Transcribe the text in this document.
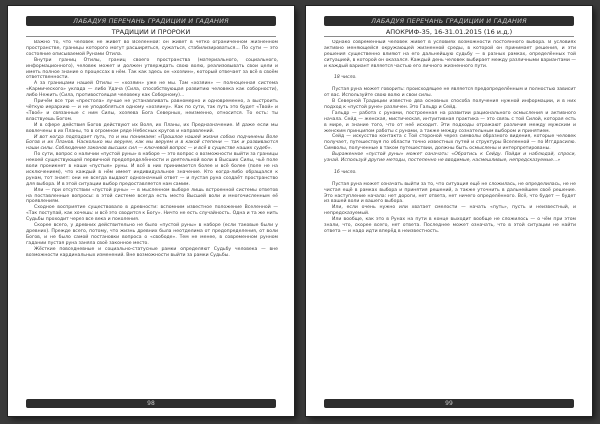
ЛАБАДУЯ ПЕРЕЧАНЬ ГРАДИЦИИ И ГАДАНИЯ
ТРАДИЦИИ И ПРОРОКИ

Важно то, что человек не живёт во Вселенной: он живёт в чётко ограниченном жизненном пространстве, границы которого могут расширяться, сужаться, стабилизироваться... По сути — это состояние описываемой Рунами Отила.

Внутри границ Отилы, границ своего пространства (материального, социального, информационного), человек может и должен утверждать свою волю, реализовывать свои цели и иметь полное знание о процессах в нём. Так как здесь он «хозяин», который отвечает за всё в своём ответственности.

А за границами нашей Отилы — «хозяин» уже не мы. Там «хозяин» — полноценная система «Кармического» уклада — либо Удача (Сила, способствующая развитию человека как соборности), либо Нежить (Сила, противостоящая человеку как Соборному)...

Причём все три «престола» лучше не устанавливать равномерно и одновременно, а выстроить чёткую иерархию — и не уподобляться одному «хозяину». Как по сути, так путь это будет «Твой» и «Твоё» и связанные с ним Силы, хозяева Бога Северных, неизменно, относится. То есть: ты властвуешь Богом.

И в сфере действия Богов действуют их Воля, их Планы, их Предназначение. И даже если мы вовлечены в их Планы, то в огромном ряде Небесных кругов и направлений.

И вот когда подпадает путь, то и мы понимаем: «Прошлое нашей жизни собою подчинены Воле Богов и их Планов. Насколько мы веруем, как мы веруем и в какой степени — так и развиваются наши силы. Соблюдение законов высших сил — ключевой вопрос — и всё в существе наших судеб».

По сути, вопрос о наличии «пустой руны» в наборе — это вопрос о возможности выйти за границы некоей существующей первичной предопределённости и деятельной воли в Высших Силы, чьё поле воли проникнет в наши «пустые» руны. И всё в них принимается более и всё более (поле не на исключением), что каждый в нём имеет индивидуальное значение. Кто когда-либо обращался к рунам, тот знает: они не всегда выдают однозначный ответ — и пустая руна создаёт пространство для выбора. И в этой ситуации выбор предоставляется нам самим.

Или — при отсутствии «пустой руны» — в мысленном выборе лишь встроенной системы ответов на поставленные вопросы: в этой системе всегда есть место Высшей воли и многочисленным её проявлениям.

Сходное восприятие существовало в древности: вспомним известное положение Вселенной — «Так поступай, как хочешь: и всё это сводится к Богу». Ничто не есть случайность. Одна и та же нить Судьбы проходит через все века и поколения.

Скорее всего, у древних действительно не было «пустой руны» в наборе (если таковые были у древних). Прежде всего, потому, что жизнь древних была неотделима от предопределения, от воли Богов, и не было самой постановки вопроса о «свободе». Тем не менее, в современном рунном гадании пустая руна заняла своё законное место.

Жёсткие повседневные и социально-статусные рамки определяют Судьбу человека — вне возможности кардинальных изменений. Вне возможности выйти за рамки Судьбы.

98
ЛАБАДУЯ ПЕРЕЧАНЬ ГРАДИЦИИ И ГАДАНИЯ
АПОКРИФ-35, 16-31.01.2015 (16 и.д.)

Однако современный человек живёт в условиях возможности постоянного выбора. В условиях активно меняющейся окружающей жизненной среды, в которой он принимает решения, и эти решения существенно влияют на его дальнейшую судьбу — в разных рамках, определённых той ситуацией, в которой он оказался. Каждый день человек выбирает между различными вариантами — и каждый вариант является частью его личного жизненного пути.

18 число.

Пустая руна может говорить: происходящее не является предопределённым и полностью зависит от вас. Используйте свою волю и свои силы.

В Северной Традиции известно два основных способа получения нужной информации, и в них подход к «пустой руне» различен. Это Гальдр и Сейд.

Гальдр — работа с рунами, построенная на развитии рационального осмысления и активного начала. Сейд — женская, мистическая, интуитивная практика — это связь с той Силой, которая есть в мире, и знание того, что от неё исходит. Эти подходы отражают различия между мужским и женским принципом работы с рунами, а также между сознательным выбором и принятием.

Сейд — искусство контакта с Той стороной через символы образного видения, которые человек получает, путешествуя по области точно известных путей и структуры Вселенной — по Иггдрасилю. Символы, полученные в таком путешествии, должны быть осмыслены и интерпретированы.

Выраженное «пустой руны» может означать: «Обратись к Сейду. Пойди и наблюдай, спроси, узнай. Используй другие методы, постепенно не вводимые, насмешливые, непредсказуемые...»

16 число.

Пустая руна может означать выйти за то, что ситуация ещё не сложилась, не определилась, не не чистая ещё в рамках выбора и принятия решений, а также уточнить в дальнейшем своё решение. Это наступление начала: нет дороги, нет ответа, нет ничего определённого. Всё, что будет — будет из вашей воли и вашего выбора.

Или, если очень нужно или хватает смелости — начать «путь», пусть и неизвестный, и непредсказуемый.

Или вообще, как это в Рунах на пути в конце выходит вообще не сложилось — о чём при этом знали, что, скорее всего, нет ответа. Последнее может означать, что в этой ситуации не найти ответа — и надо идти вперёд в неизвестность.

99
